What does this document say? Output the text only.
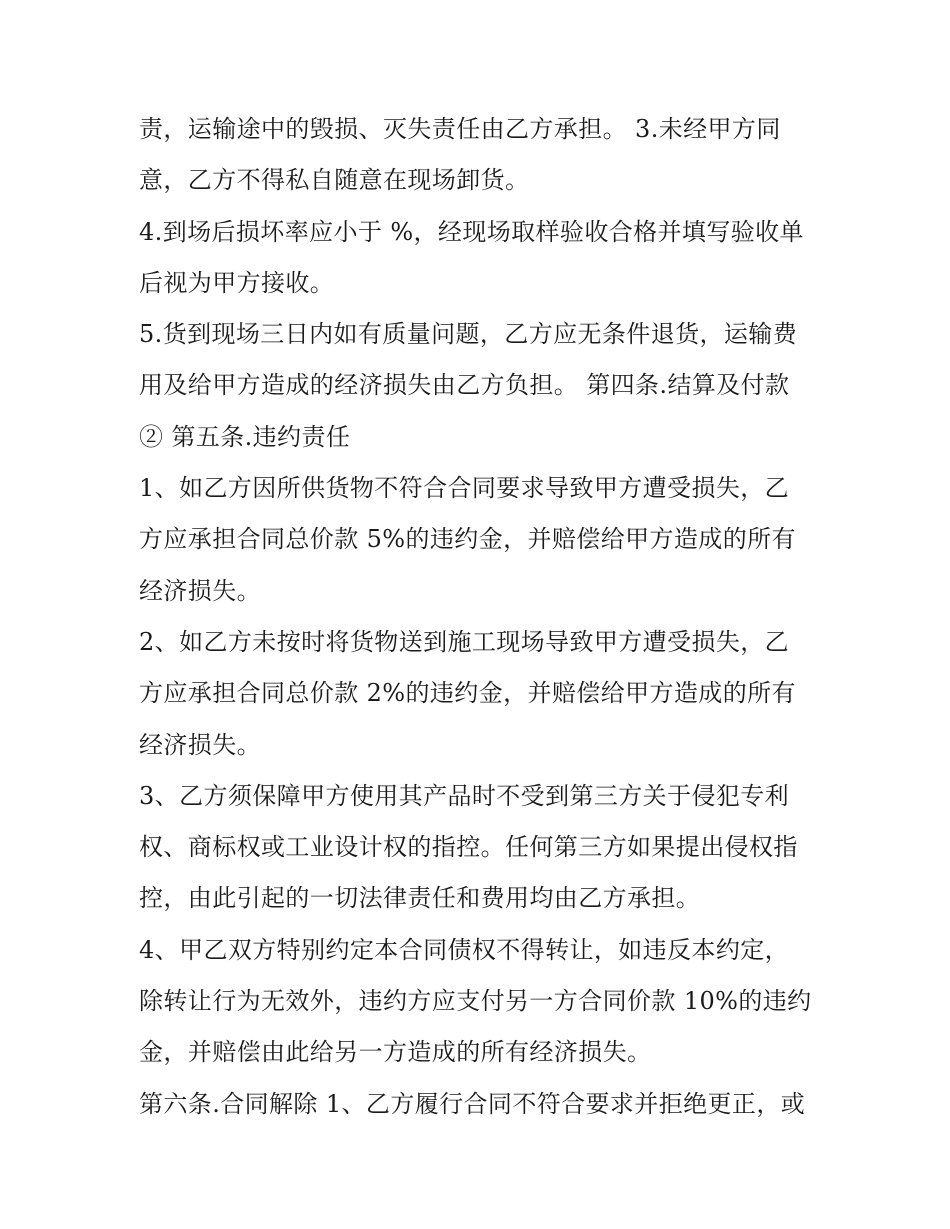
责，运输途中的毁损、灭失责任由乙方承担。 3.未经甲方同
意，乙方不得私自随意在现场卸货。
4.到场后损坏率应小于 %，经现场取样验收合格并填写验收单
后视为甲方接收。
5.货到现场三日内如有质量问题，乙方应无条件退货，运输费
用及给甲方造成的经济损失由乙方负担。 第四条.结算及付款
② 第五条.违约责任
1、如乙方因所供货物不符合合同要求导致甲方遭受损失，乙
方应承担合同总价款 5%的违约金，并赔偿给甲方造成的所有
经济损失。
2、如乙方未按时将货物送到施工现场导致甲方遭受损失，乙
方应承担合同总价款 2%的违约金，并赔偿给甲方造成的所有
经济损失。
3、乙方须保障甲方使用其产品时不受到第三方关于侵犯专利
权、商标权或工业设计权的指控。任何第三方如果提出侵权指
控，由此引起的一切法律责任和费用均由乙方承担。
4、甲乙双方特别约定本合同债权不得转让，如违反本约定，
除转让行为无效外，违约方应支付另一方合同价款 10%的违约
金，并赔偿由此给另一方造成的所有经济损失。
第六条.合同解除 1、乙方履行合同不符合要求并拒绝更正，或
